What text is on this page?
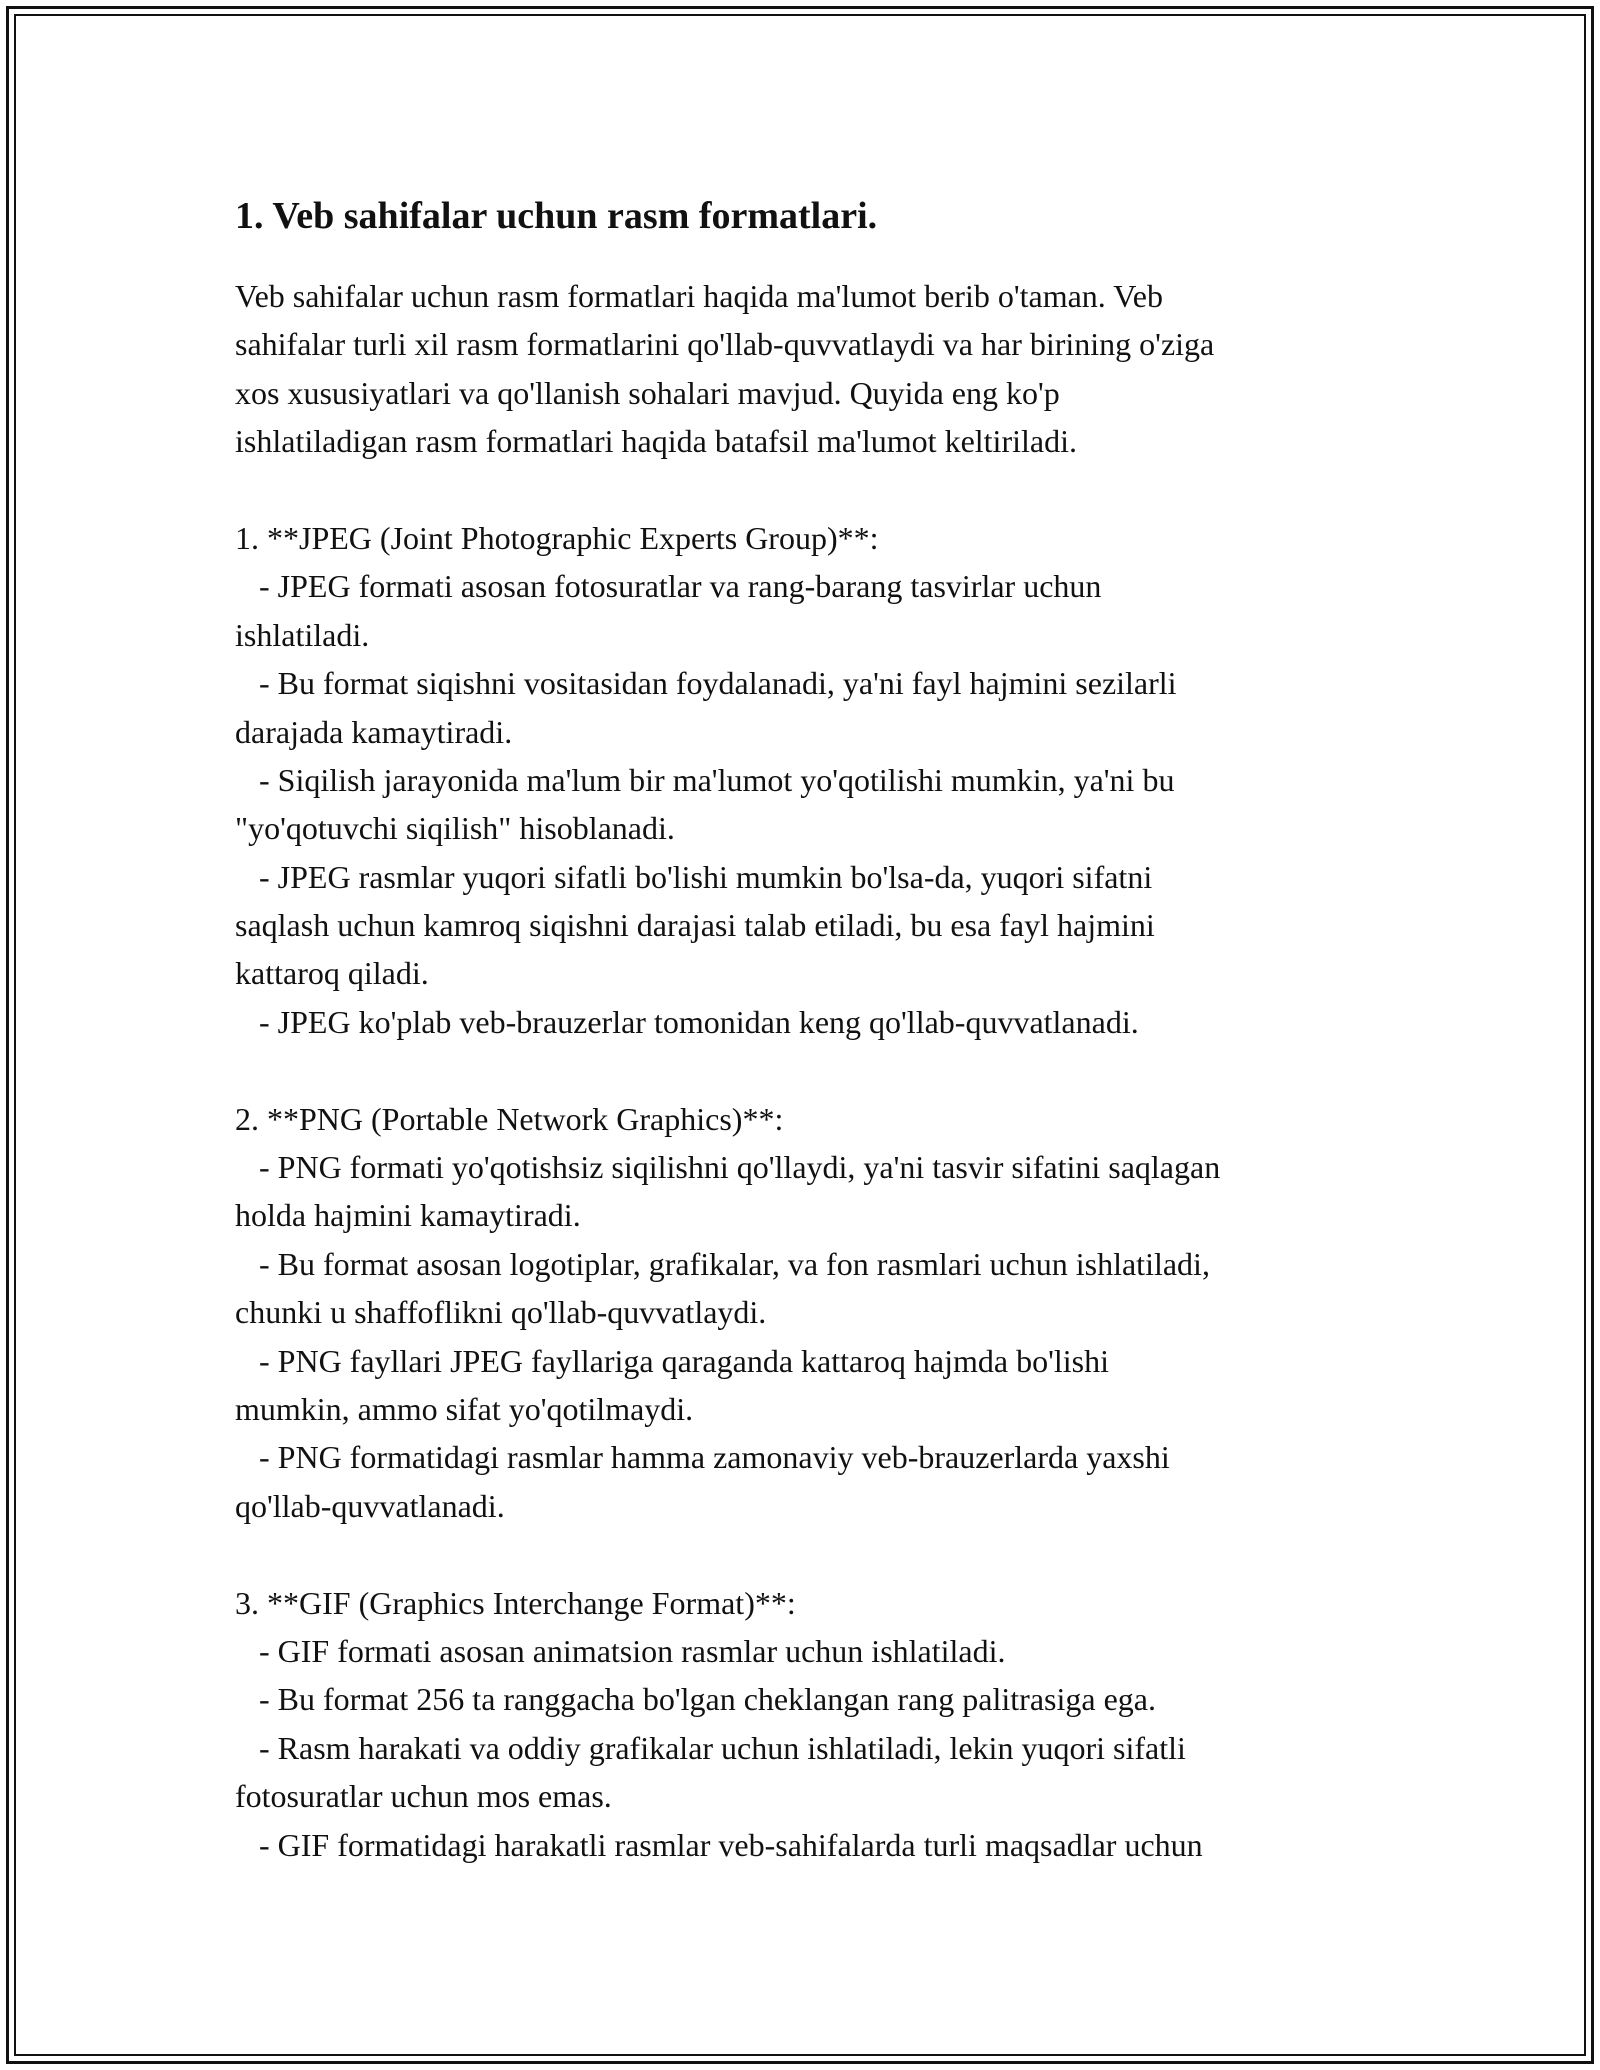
1. Veb sahifalar uchun rasm formatlari.
Veb sahifalar uchun rasm formatlari haqida ma'lumot berib o'taman. Veb
sahifalar turli xil rasm formatlarini qo'llab-quvvatlaydi va har birining o'ziga
xos xususiyatlari va qo'llanish sohalari mavjud. Quyida eng ko'p
ishlatiladigan rasm formatlari haqida batafsil ma'lumot keltiriladi.
1. **JPEG (Joint Photographic Experts Group)**:
- JPEG formati asosan fotosuratlar va rang-barang tasvirlar uchun
ishlatiladi.
- Bu format siqishni vositasidan foydalanadi, ya'ni fayl hajmini sezilarli
darajada kamaytiradi.
- Siqilish jarayonida ma'lum bir ma'lumot yo'qotilishi mumkin, ya'ni bu
"yo'qotuvchi siqilish" hisoblanadi.
- JPEG rasmlar yuqori sifatli bo'lishi mumkin bo'lsa-da, yuqori sifatni
saqlash uchun kamroq siqishni darajasi talab etiladi, bu esa fayl hajmini
kattaroq qiladi.
- JPEG ko'plab veb-brauzerlar tomonidan keng qo'llab-quvvatlanadi.
2. **PNG (Portable Network Graphics)**:
- PNG formati yo'qotishsiz siqilishni qo'llaydi, ya'ni tasvir sifatini saqlagan
holda hajmini kamaytiradi.
- Bu format asosan logotiplar, grafikalar, va fon rasmlari uchun ishlatiladi,
chunki u shaffoflikni qo'llab-quvvatlaydi.
- PNG fayllari JPEG fayllariga qaraganda kattaroq hajmda bo'lishi
mumkin, ammo sifat yo'qotilmaydi.
- PNG formatidagi rasmlar hamma zamonaviy veb-brauzerlarda yaxshi
qo'llab-quvvatlanadi.
3. **GIF (Graphics Interchange Format)**:
- GIF formati asosan animatsion rasmlar uchun ishlatiladi.
- Bu format 256 ta ranggacha bo'lgan cheklangan rang palitrasiga ega.
- Rasm harakati va oddiy grafikalar uchun ishlatiladi, lekin yuqori sifatli
fotosuratlar uchun mos emas.
- GIF formatidagi harakatli rasmlar veb-sahifalarda turli maqsadlar uchun
